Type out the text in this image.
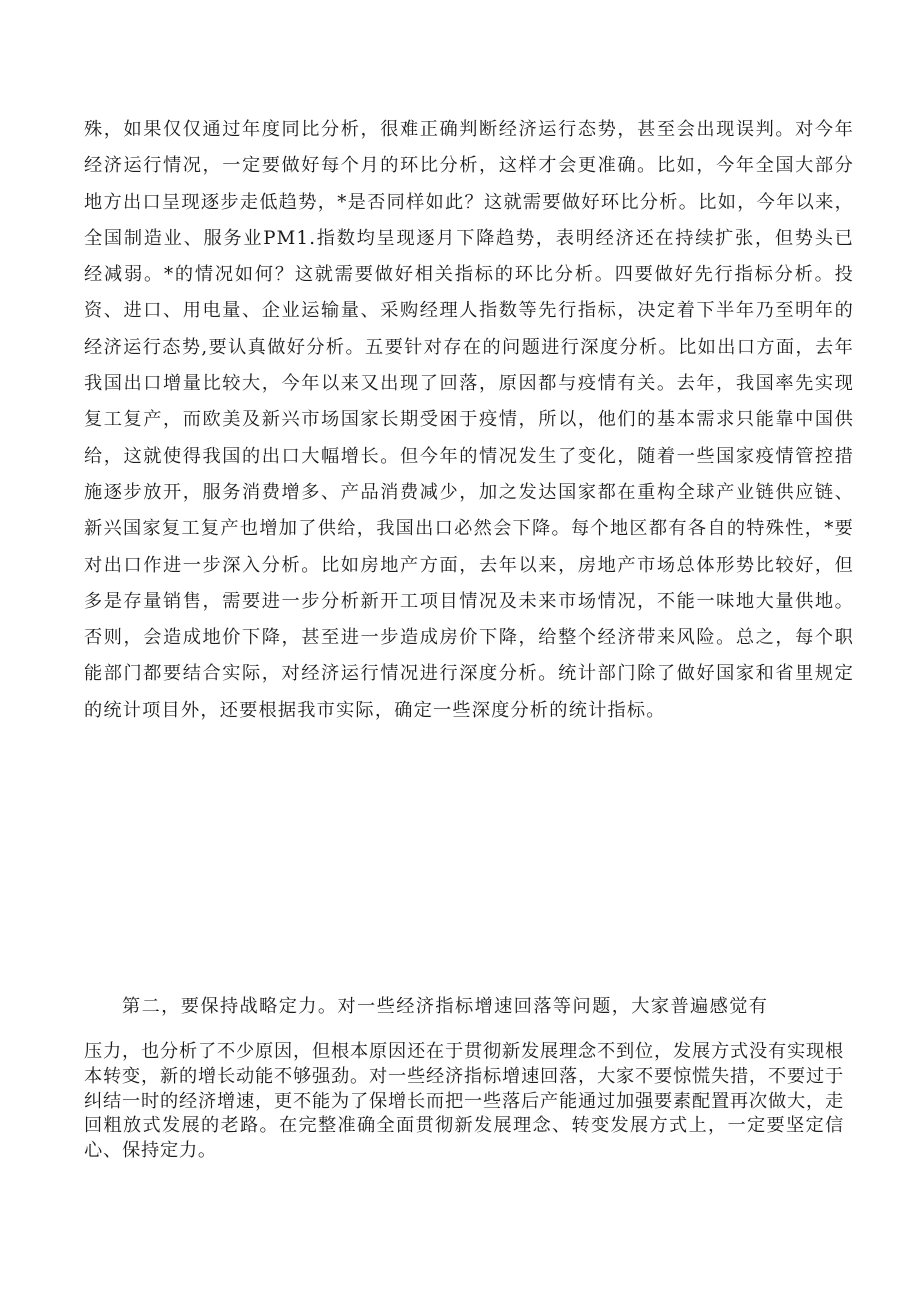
殊，如果仅仅通过年度同比分析，很难正确判断经济运行态势，甚至会出现误判。对今年经济运行情况，一定要做好每个月的环比分析，这样才会更准确。比如，今年全国大部分地方出口呈现逐步走低趋势，*是否同样如此？这就需要做好环比分析。比如，今年以来，全国制造业、服务业PM1.指数均呈现逐月下降趋势，表明经济还在持续扩张，但势头已经减弱。*的情况如何？这就需要做好相关指标的环比分析。四要做好先行指标分析。投资、进口、用电量、企业运输量、采购经理人指数等先行指标，决定着下半年乃至明年的经济运行态势,要认真做好分析。五要针对存在的问题进行深度分析。比如出口方面，去年我国出口增量比较大，今年以来又出现了回落，原因都与疫情有关。去年，我国率先实现复工复产，而欧美及新兴市场国家长期受困于疫情，所以，他们的基本需求只能靠中国供给，这就使得我国的出口大幅增长。但今年的情况发生了变化，随着一些国家疫情管控措施逐步放开，服务消费增多、产品消费减少，加之发达国家都在重构全球产业链供应链、新兴国家复工复产也增加了供给，我国出口必然会下降。每个地区都有各自的特殊性，*要对出口作进一步深入分析。比如房地产方面，去年以来，房地产市场总体形势比较好，但多是存量销售，需要进一步分析新开工项目情况及未来市场情况，不能一味地大量供地。否则，会造成地价下降，甚至进一步造成房价下降，给整个经济带来风险。总之，每个职能部门都要结合实际，对经济运行情况进行深度分析。统计部门除了做好国家和省里规定的统计项目外，还要根据我市实际，确定一些深度分析的统计指标。

第二，要保持战略定力。对一些经济指标增速回落等问题，大家普遍感觉有

压力，也分析了不少原因，但根本原因还在于贯彻新发展理念不到位，发展方式没有实现根本转变，新的增长动能不够强劲。对一些经济指标增速回落，大家不要惊慌失措，不要过于纠结一时的经济增速，更不能为了保增长而把一些落后产能通过加强要素配置再次做大，走回粗放式发展的老路。在完整准确全面贯彻新发展理念、转变发展方式上，一定要坚定信心、保持定力。
